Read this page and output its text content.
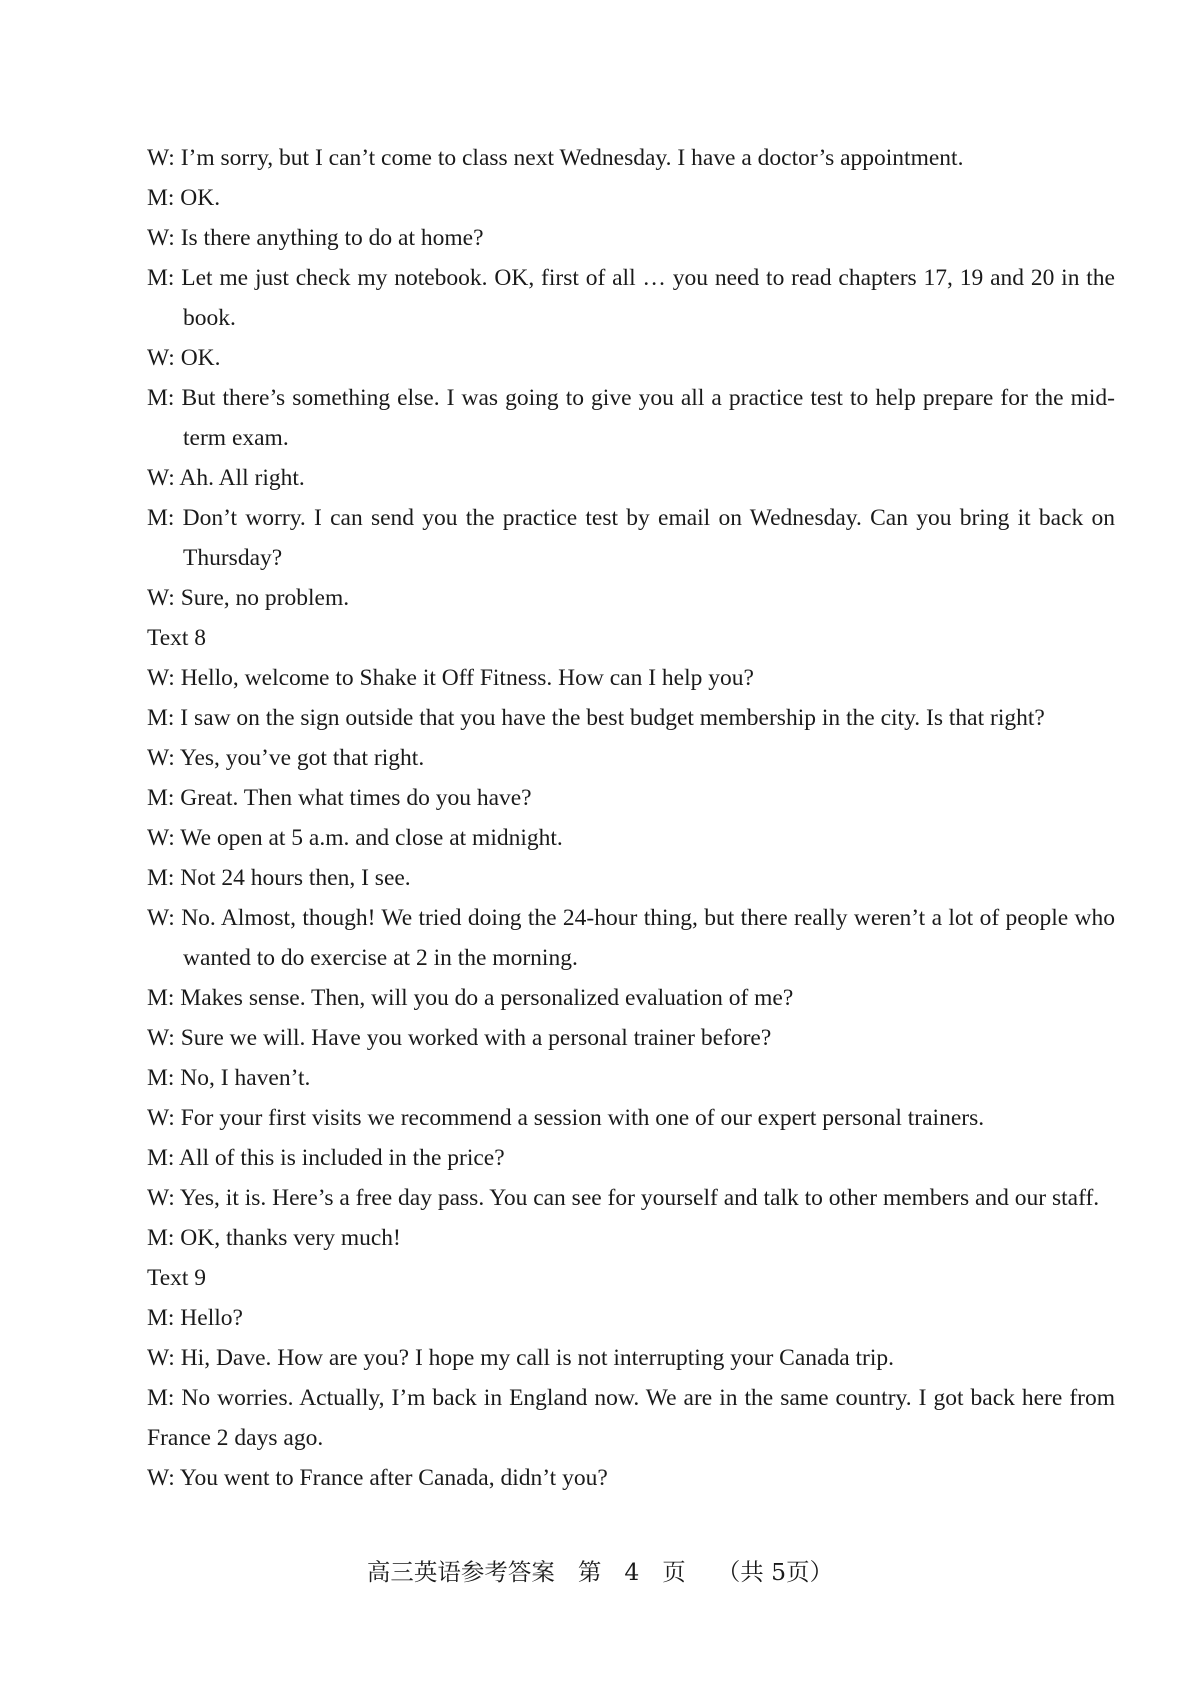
W: I’m sorry, but I can’t come to class next Wednesday. I have a doctor’s appointment.
M: OK.
W: Is there anything to do at home?
M: Let me just check my notebook. OK, first of all … you need to read chapters 17, 19 and 20 in the book.
W: OK.
M: But there’s something else. I was going to give you all a practice test to help prepare for the mid-term exam.
W: Ah. All right.
M: Don’t worry. I can send you the practice test by email on Wednesday. Can you bring it back on Thursday?
W: Sure, no problem.
Text 8
W: Hello, welcome to Shake it Off Fitness. How can I help you?
M: I saw on the sign outside that you have the best budget membership in the city. Is that right?
W: Yes, you’ve got that right.
M: Great. Then what times do you have?
W: We open at 5 a.m. and close at midnight.
M: Not 24 hours then, I see.
W: No. Almost, though! We tried doing the 24-hour thing, but there really weren’t a lot of people who wanted to do exercise at 2 in the morning.
M: Makes sense. Then, will you do a personalized evaluation of me?
W: Sure we will. Have you worked with a personal trainer before?
M: No, I haven’t.
W: For your first visits we recommend a session with one of our expert personal trainers.
M: All of this is included in the price?
W: Yes, it is. Here’s a free day pass. You can see for yourself and talk to other members and our staff.
M: OK, thanks very much!
Text 9
M: Hello?
W: Hi, Dave. How are you? I hope my call is not interrupting your Canada trip.
M: No worries. Actually, I’m back in England now. We are in the same country. I got back here from France 2 days ago.
W: You went to France after Canada, didn’t you?
高三英语参考答案 第 4 页 （共 5页）
